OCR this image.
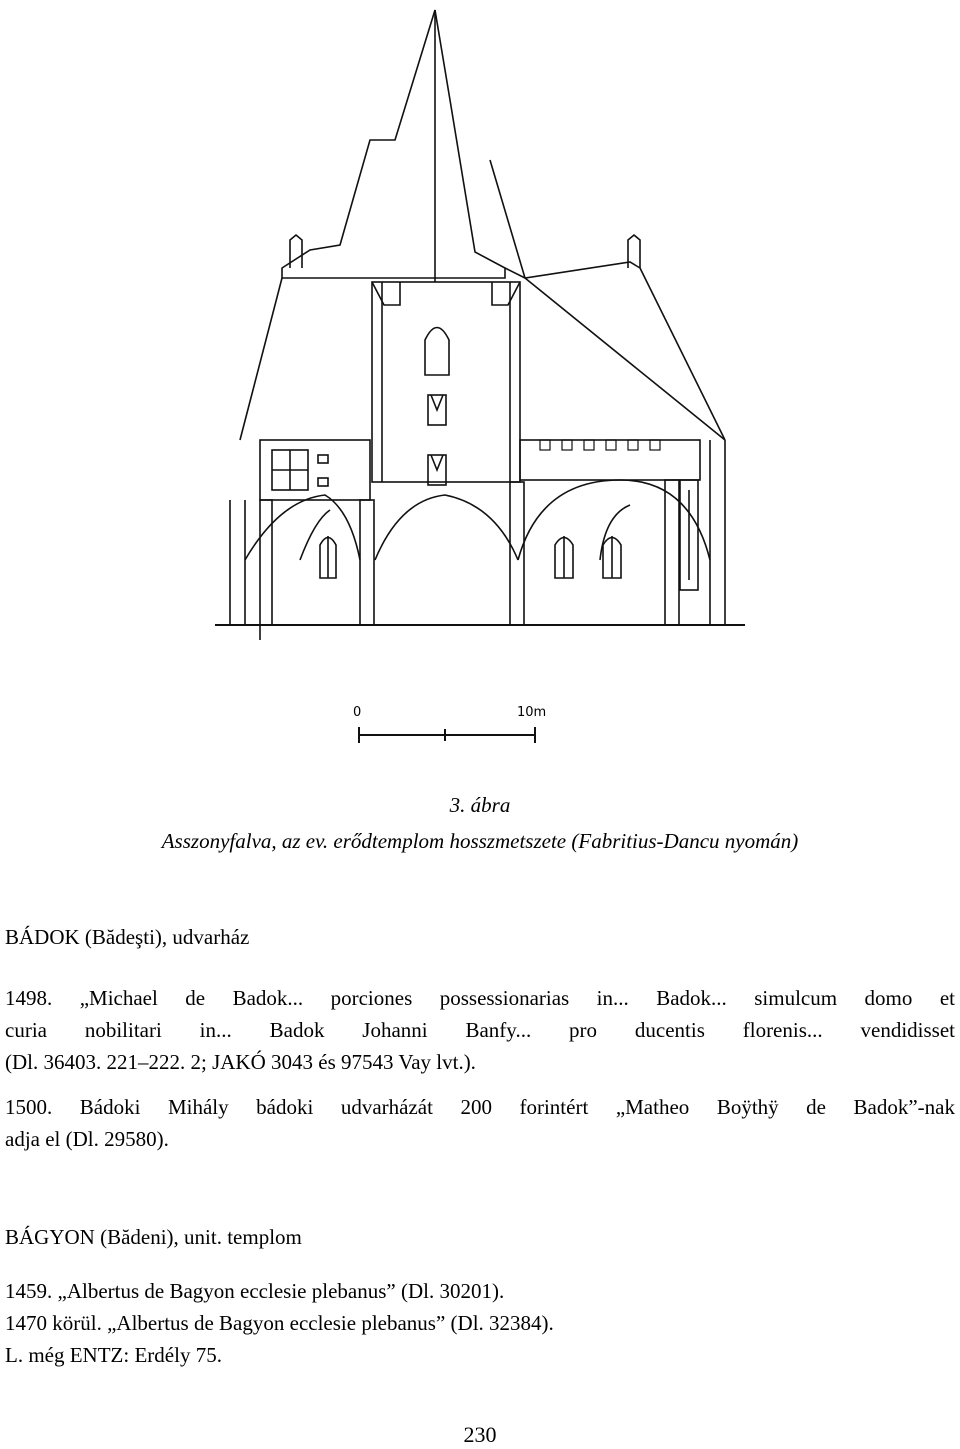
0	10m
3. ábra
Asszonyfalva, az ev. erődtemplom hosszmetszete (Fabritius-Dancu nyomán)
BÁDOK (Bădeşti), udvarház
1498. „Michael de Badok... porciones possessionarias in... Badok... simulcum domo et
curia nobilitari in... Badok Johanni Banfy... pro ducentis florenis... vendidisset
(Dl. 36403. 221–222. 2; JAKÓ 3043 és 97543 Vay lvt.).
1500. Bádoki Mihály bádoki udvarházát 200 forintért „Matheo Boÿthÿ de Badok”-nak
adja el (Dl. 29580).
BÁGYON (Bădeni), unit. templom
1459. „Albertus de Bagyon ecclesie plebanus” (Dl. 30201).
1470 körül. „Albertus de Bagyon ecclesie plebanus” (Dl. 32384).
L. még ENTZ: Erdély 75.
230
